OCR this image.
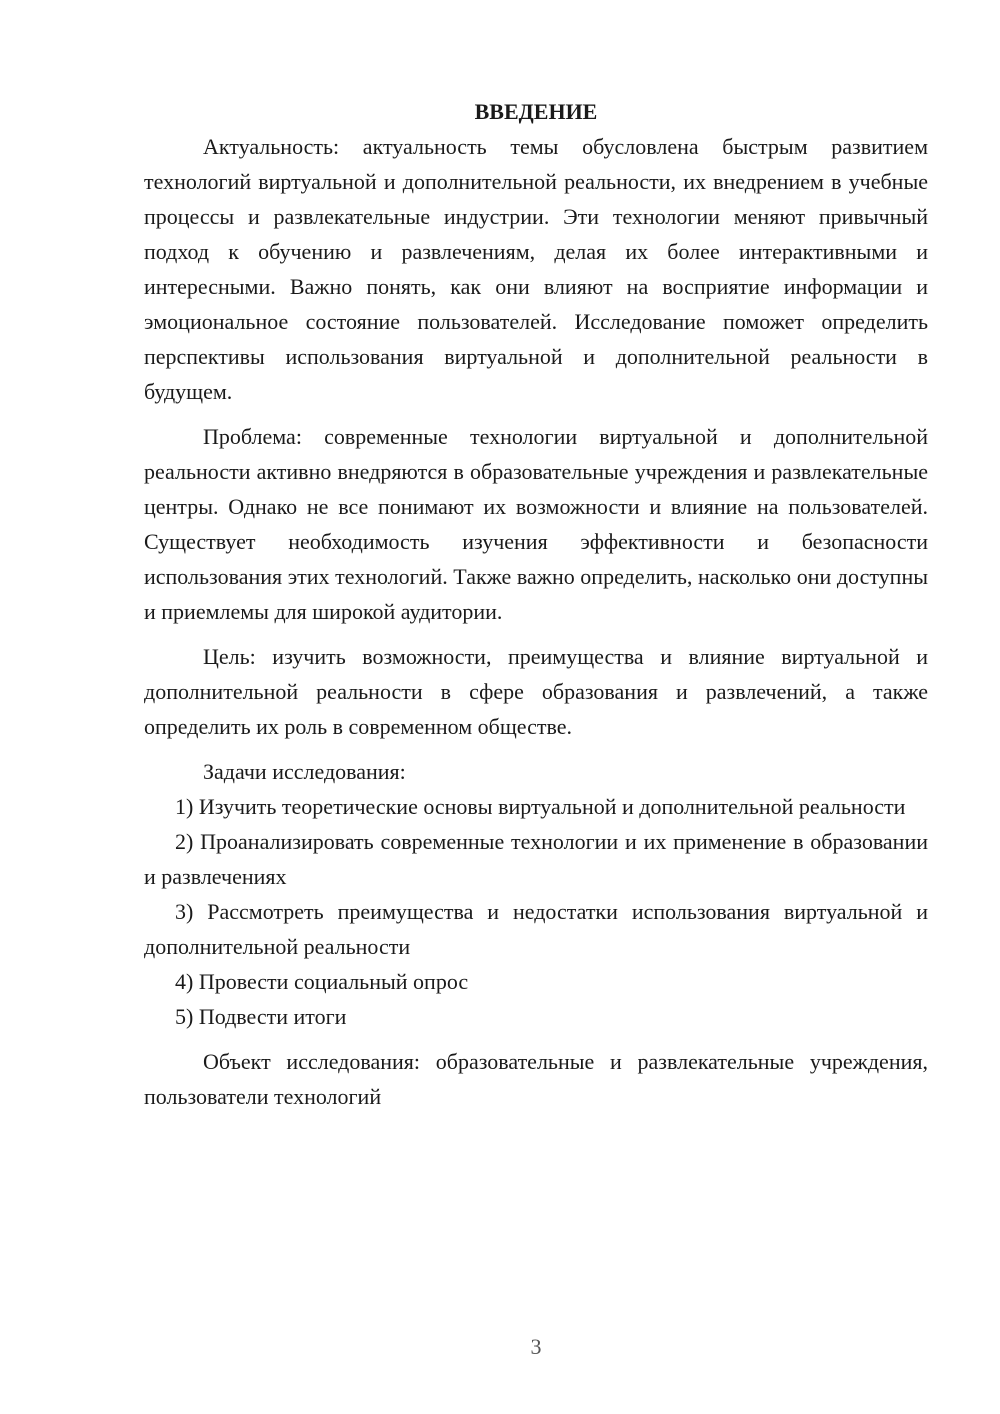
ВВЕДЕНИЕ

Актуальность: актуальность темы обусловлена быстрым развитием технологий виртуальной и дополнительной реальности, их внедрением в учебные процессы и развлекательные индустрии. Эти технологии меняют привычный подход к обучению и развлечениям, делая их более интерактивными и интересными. Важно понять, как они влияют на восприятие информации и эмоциональное состояние пользователей. Исследование поможет определить перспективы использования виртуальной и дополнительной реальности в будущем.

Проблема: современные технологии виртуальной и дополнительной реальности активно внедряются в образовательные учреждения и развлекательные центры. Однако не все понимают их возможности и влияние на пользователей. Существует необходимость изучения эффективности и безопасности использования этих технологий. Также важно определить, насколько они доступны и приемлемы для широкой аудитории.

Цель: изучить возможности, преимущества и влияние виртуальной и дополнительной реальности в сфере образования и развлечений, а также определить их роль в современном обществе.

Задачи исследования:

1) Изучить теоретические основы виртуальной и дополнительной реальности

2) Проанализировать современные технологии и их применение в образовании и развлечениях

3) Рассмотреть преимущества и недостатки использования виртуальной и дополнительной реальности

4) Провести социальный опрос

5) Подвести итоги

Объект исследования: образовательные и развлекательные учреждения, пользователи технологий

3
